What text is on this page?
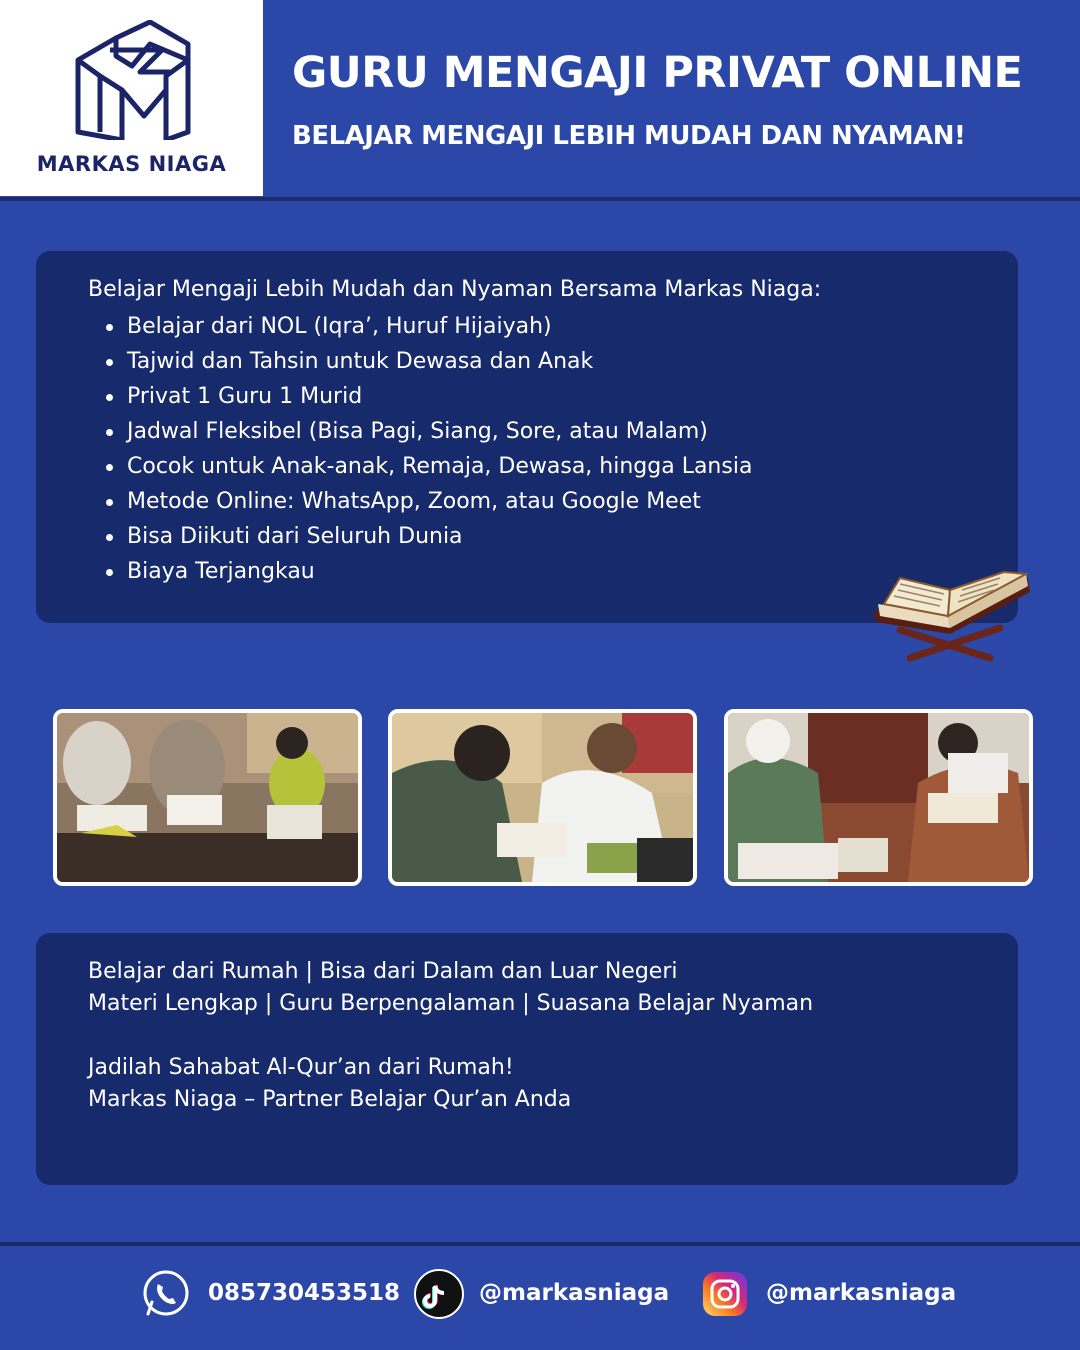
MARKAS NIAGA
GURU MENGAJI PRIVAT ONLINE
BELAJAR MENGAJI LEBIH MUDAH DAN NYAMAN!
Belajar Mengaji Lebih Mudah dan Nyaman Bersama Markas Niaga:
Belajar dari NOL (Iqra’, Huruf Hijaiyah)
Tajwid dan Tahsin untuk Dewasa dan Anak
Privat 1 Guru 1 Murid
Jadwal Fleksibel (Bisa Pagi, Siang, Sore, atau Malam)
Cocok untuk Anak-anak, Remaja, Dewasa, hingga Lansia
Metode Online: WhatsApp, Zoom, atau Google Meet
Bisa Diikuti dari Seluruh Dunia
Biaya Terjangkau
Belajar dari Rumah | Bisa dari Dalam dan Luar Negeri
Materi Lengkap | Guru Berpengalaman | Suasana Belajar Nyaman
Jadilah Sahabat Al-Qur’an dari Rumah!
Markas Niaga – Partner Belajar Qur’an Anda
085730453518	@markasniaga	@markasniaga
